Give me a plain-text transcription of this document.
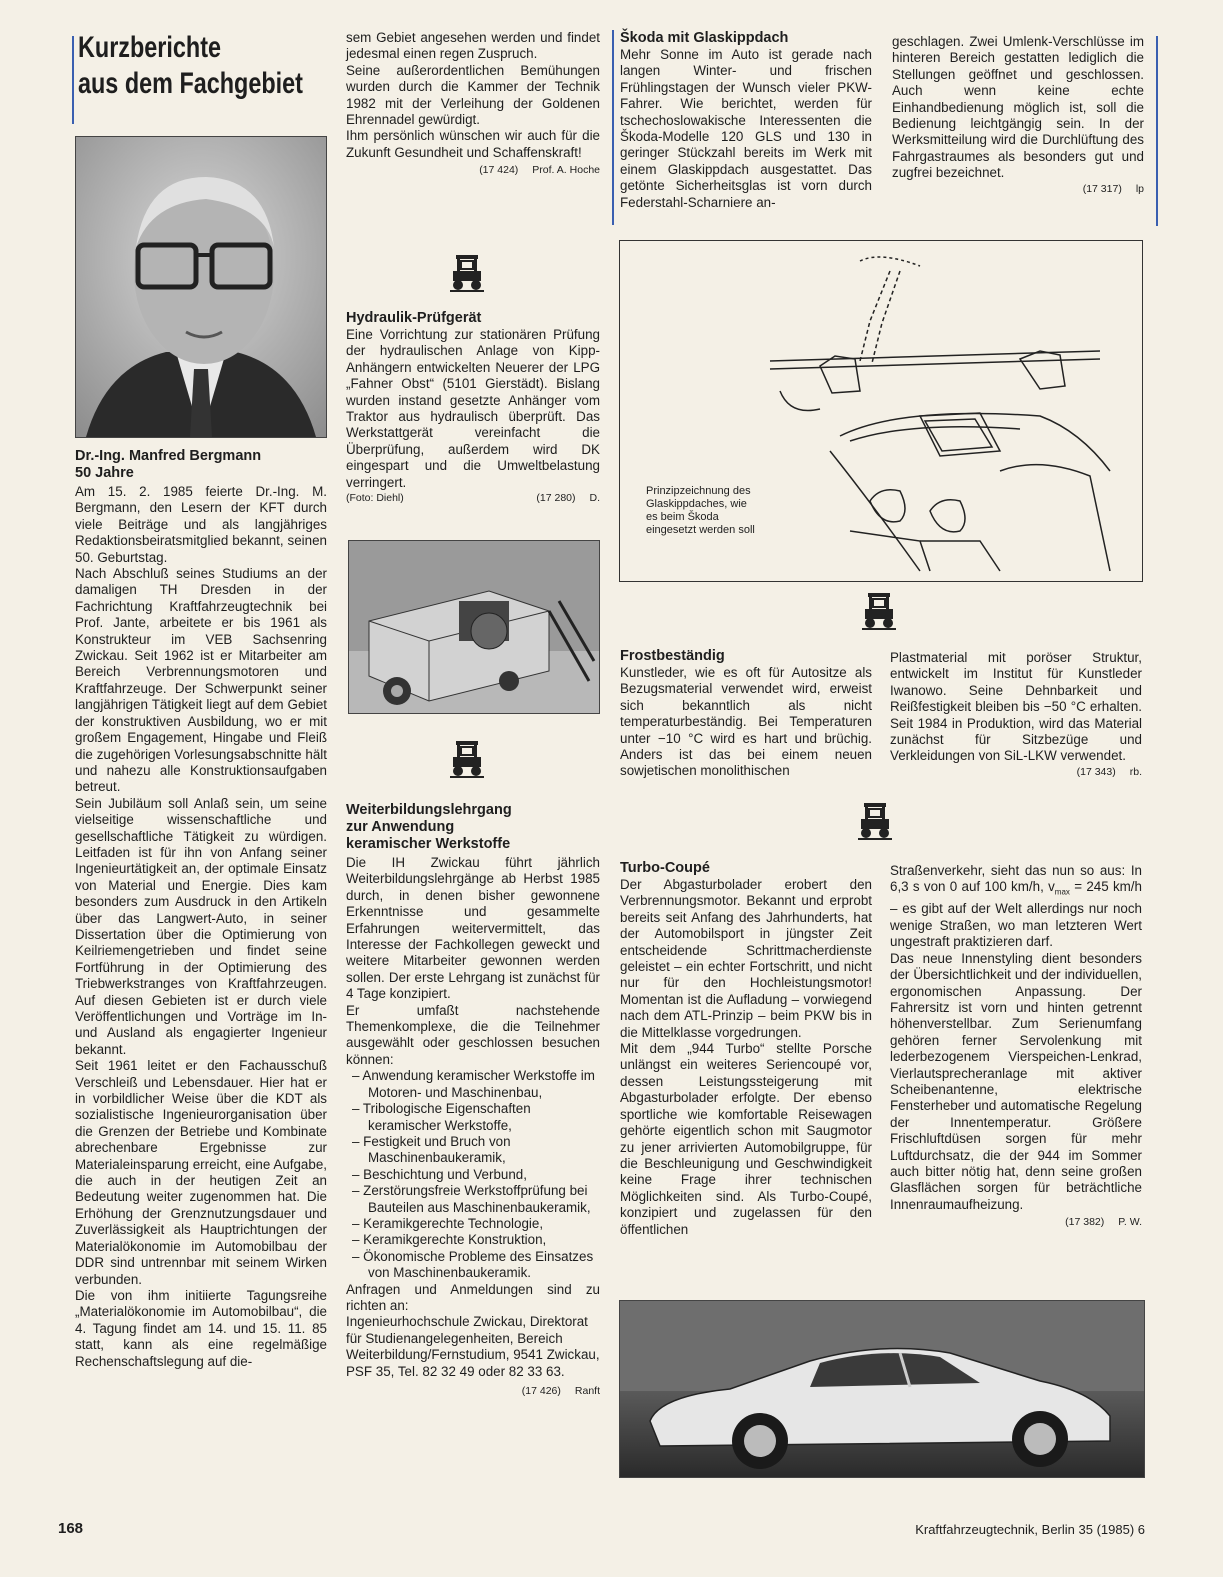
Kurzberichte
aus dem Fachgebiet

Dr.-Ing. Manfred Bergmann

50 Jahre

Am 15. 2. 1985 feierte Dr.-Ing. M. Bergmann, den Lesern der KFT durch viele Beiträge und als langjähriges Redaktionsbeiratsmitglied bekannt, seinen 50. Geburtstag.

Nach Abschluß seines Studiums an der damaligen TH Dresden in der Fachrichtung Kraftfahrzeugtechnik bei Prof. Jante, arbeitete er bis 1961 als Konstrukteur im VEB Sachsenring Zwickau. Seit 1962 ist er Mitarbeiter am Bereich Verbrennungsmotoren und Kraftfahrzeuge. Der Schwerpunkt seiner langjährigen Tätigkeit liegt auf dem Gebiet der konstruktiven Ausbildung, wo er mit großem Engagement, Hingabe und Fleiß die zugehörigen Vorlesungsabschnitte hält und nahezu alle Konstruktionsaufgaben betreut.

Sein Jubiläum soll Anlaß sein, um seine vielseitige wissenschaftliche und gesellschaftliche Tätigkeit zu würdigen. Leitfaden ist für ihn von Anfang seiner Ingenieurtätigkeit an, der optimale Einsatz von Material und Energie. Dies kam besonders zum Ausdruck in den Artikeln über das Langwert-Auto, in seiner Dissertation über die Optimierung von Keilriemengetrieben und findet seine Fortführung in der Optimierung des Triebwerkstranges von Kraftfahrzeugen. Auf diesen Gebieten ist er durch viele Veröffentlichungen und Vorträge im In- und Ausland als engagierter Ingenieur bekannt.

Seit 1961 leitet er den Fachausschuß Verschleiß und Lebensdauer. Hier hat er in vorbildlicher Weise über die KDT als sozialistische Ingenieurorganisation über die Grenzen der Betriebe und Kombinate abrechenbare Ergebnisse zur Materialeinsparung erreicht, eine Aufgabe, die auch in der heutigen Zeit an Bedeutung weiter zugenommen hat. Die Erhöhung der Grenznutzungsdauer und Zuverlässigkeit als Hauptrichtungen der Materialökonomie im Automobilbau der DDR sind untrennbar mit seinem Wirken verbunden.

Die von ihm initiierte Tagungsreihe „Materialökonomie im Automobilbau“, die 4. Tagung findet am 14. und 15. 11. 85 statt, kann als eine regelmäßige Rechenschaftslegung auf die-

sem Gebiet angesehen werden und findet jedesmal einen regen Zuspruch.

Seine außerordentlichen Bemühungen wurden durch die Kammer der Technik 1982 mit der Verleihung der Goldenen Ehrennadel gewürdigt.

Ihm persönlich wünschen wir auch für die Zukunft Gesundheit und Schaffenskraft!

(17 424) Prof. A. Hoche

Hydraulik-Prüfgerät

Eine Vorrichtung zur stationären Prüfung der hydraulischen Anlage von Kipp-Anhängern entwickelten Neuerer der LPG „Fahner Obst“ (5101 Gierstädt). Bislang wurden instand gesetzte Anhänger vom Traktor aus hydraulisch überprüft. Das Werkstattgerät vereinfacht die Überprüfung, außerdem wird DK eingespart und die Umweltbelastung verringert.

(Foto: Diehl)	(17 280) D.

Weiterbildungslehrgang

zur Anwendung

keramischer Werkstoffe

Die IH Zwickau führt jährlich Weiterbildungslehrgänge ab Herbst 1985 durch, in denen bisher gewonnene Erkenntnisse und gesammelte Erfahrungen weitervermittelt, das Interesse der Fachkollegen geweckt und weitere Mitarbeiter gewonnen werden sollen. Der erste Lehrgang ist zunächst für 4 Tage konzipiert.

Er umfaßt nachstehende Themenkomplexe, die die Teilnehmer ausgewählt oder geschlossen besuchen können:

– Anwendung keramischer Werkstoffe im Motoren- und Maschinenbau,
– Tribologische Eigenschaften keramischer Werkstoffe,
– Festigkeit und Bruch von Maschinenbaukeramik,
– Beschichtung und Verbund,
– Zerstörungsfreie Werkstoffprüfung bei Bauteilen aus Maschinenbaukeramik,
– Keramikgerechte Technologie,
– Keramikgerechte Konstruktion,
– Ökonomische Probleme des Einsatzes von Maschinenbaukeramik.

Anfragen und Anmeldungen sind zu richten an:

Ingenieurhochschule Zwickau, Direktorat für Studienangelegenheiten, Bereich Weiterbildung/Fernstudium, 9541 Zwickau, PSF 35, Tel. 82 32 49 oder 82 33 63.

(17 426) Ranft

Škoda mit Glaskippdach

Mehr Sonne im Auto ist gerade nach langen Winter- und frischen Frühlingstagen der Wunsch vieler PKW-Fahrer. Wie berichtet, werden für tschechoslowakische Interessenten die Škoda-Modelle 120 GLS und 130 in geringer Stückzahl bereits im Werk mit einem Glaskippdach ausgestattet. Das getönte Sicherheitsglas ist vorn durch Federstahl-Scharniere an-

geschlagen. Zwei Umlenk-Verschlüsse im hinteren Bereich gestatten lediglich die Stellungen geöffnet und geschlossen. Auch wenn keine echte Einhandbedienung möglich ist, soll die Bedienung leichtgängig sein. In der Werksmitteilung wird die Durchlüftung des Fahrgastraumes als besonders gut und zugfrei bezeichnet.

(17 317) lp
Prinzipzeichnung des Glaskippdaches, wie es beim Škoda eingesetzt werden soll

Frostbeständig

Kunstleder, wie es oft für Autositze als Bezugsmaterial verwendet wird, erweist sich bekanntlich als nicht temperaturbeständig. Bei Temperaturen unter −10 °C wird es hart und brüchig. Anders ist das bei einem neuen sowjetischen monolithischen

Plastmaterial mit poröser Struktur, entwickelt im Institut für Kunstleder Iwanowo. Seine Dehnbarkeit und Reißfestigkeit bleiben bis −50 °C erhalten. Seit 1984 in Produktion, wird das Material zunächst für Sitzbezüge und Verkleidungen von SiL-LKW verwendet.

(17 343) rb.

Turbo-Coupé

Der Abgasturbolader erobert den Verbrennungsmotor. Bekannt und erprobt bereits seit Anfang des Jahrhunderts, hat der Automobilsport in jüngster Zeit entscheidende Schrittmacherdienste geleistet – ein echter Fortschritt, und nicht nur für den Hochleistungsmotor! Momentan ist die Aufladung – vorwiegend nach dem ATL-Prinzip – beim PKW bis in die Mittelklasse vorgedrungen.

Mit dem „944 Turbo“ stellte Porsche unlängst ein weiteres Seriencoupé vor, dessen Leistungssteigerung mit Abgasturbolader erfolgte. Der ebenso sportliche wie komfortable Reisewagen gehörte eigentlich schon mit Saugmotor zu jener arrivierten Automobilgruppe, für die Beschleunigung und Geschwindigkeit keine Frage ihrer technischen Möglichkeiten sind. Als Turbo-Coupé, konzipiert und zugelassen für den öffentlichen

Straßenverkehr, sieht das nun so aus: In 6,3 s von 0 auf 100 km/h, $v_{max} = 245$ km/h – es gibt auf der Welt allerdings nur noch wenige Straßen, wo man letzteren Wert ungestraft praktizieren darf.

Das neue Innenstyling dient besonders der Übersichtlichkeit und der individuellen, ergonomischen Anpassung. Der Fahrersitz ist vorn und hinten getrennt höhenverstellbar. Zum Serienumfang gehören ferner Servolenkung mit lederbezogenem Vierspeichen-Lenkrad, Vierlautsprecheranlage mit aktiver Scheibenantenne, elektrische Fensterheber und automatische Regelung der Innentemperatur. Größere Frischluftdüsen sorgen für mehr Luftdurchsatz, die der 944 im Sommer auch bitter nötig hat, denn seine großen Glasflächen sorgen für beträchtliche Innenraumaufheizung.

(17 382) P. W.
168	Kraftfahrzeugtechnik, Berlin 35 (1985) 6
